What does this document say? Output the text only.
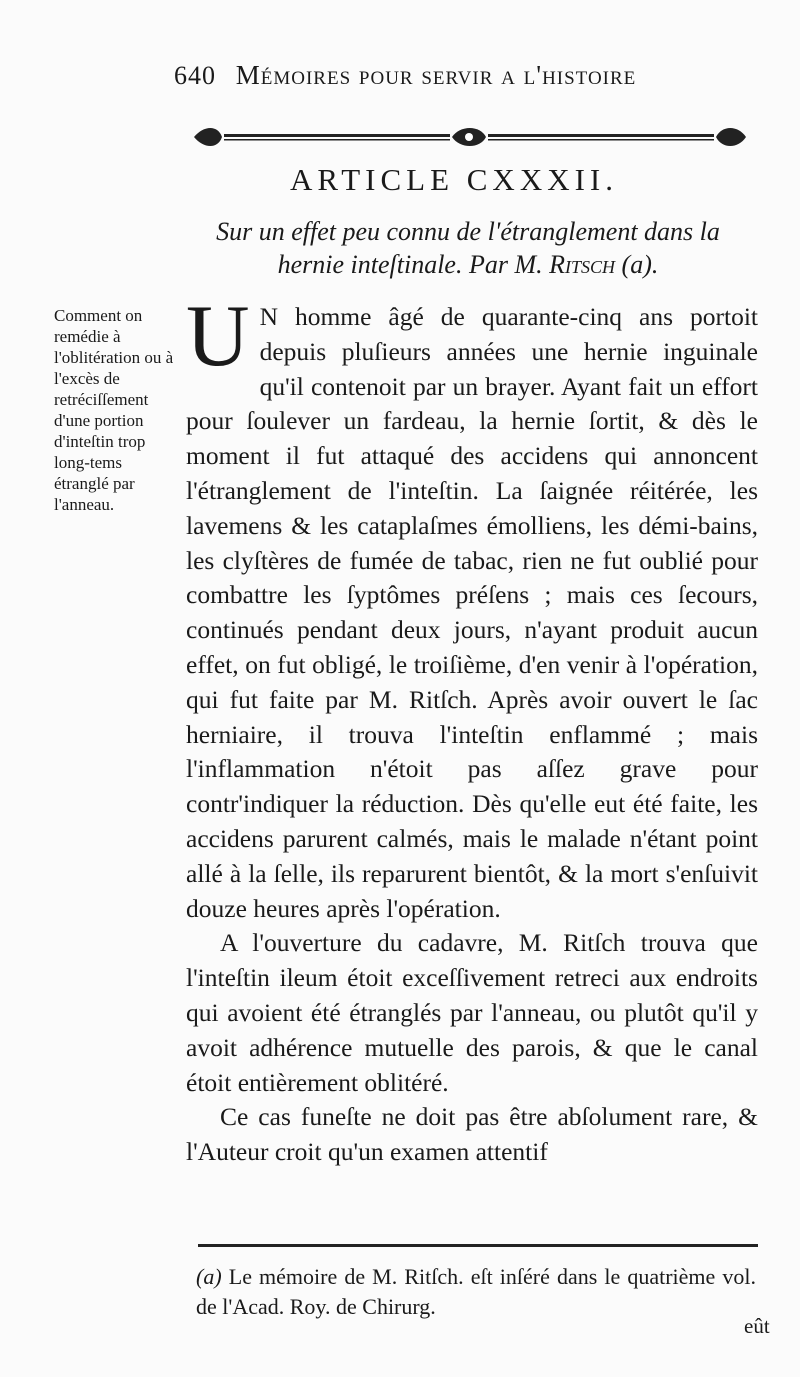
640 Mémoires pour servir a l'histoire
ARTICLE CXXXII.
Sur un effet peu connu de l'étranglement dans la
hernie inteſtinale. Par M. Ritsch (a).
Comment on remédie à l'oblitération ou à l'excès de retréciſſement d'une portion d'inteſtin trop long-tems étranglé par l'anneau.

U N homme âgé de quarante-cinq ans portoit depuis pluſieurs années une hernie inguinale qu'il contenoit par un brayer. Ayant fait un effort pour ſoulever un fardeau, la hernie ſortit, & dès le moment il fut attaqué des accidens qui annoncent l'étranglement de l'inteſtin. La ſaignée réitérée, les lavemens & les cataplaſmes émolliens, les démi-bains, les clyſtères de fumée de tabac, rien ne fut oublié pour combattre les ſyptômes préſens ; mais ces ſecours, continués pendant deux jours, n'ayant produit aucun effet, on fut obligé, le troiſième, d'en venir à l'opération, qui fut faite par M. Ritſch. Après avoir ouvert le ſac herniaire, il trouva l'inteſtin enflammé ; mais l'inflammation n'étoit pas aſſez grave pour contr'indiquer la réduction. Dès qu'elle eut été faite, les accidens parurent calmés, mais le malade n'étant point allé à la ſelle, ils reparurent bientôt, & la mort s'enſuivit douze heures après l'opération.

A l'ouverture du cadavre, M. Ritſch trouva que l'inteſtin ileum étoit exceſſivement retreci aux endroits qui avoient été étranglés par l'anneau, ou plutôt qu'il y avoit adhérence mutuelle des parois, & que le canal étoit entièrement oblitéré.

Ce cas funeſte ne doit pas être abſolument rare, & l'Auteur croit qu'un examen attentif

(a) Le mémoire de M. Ritſch. eſt inſéré dans le quatrième vol. de l'Acad. Roy. de Chirurg.
eût
